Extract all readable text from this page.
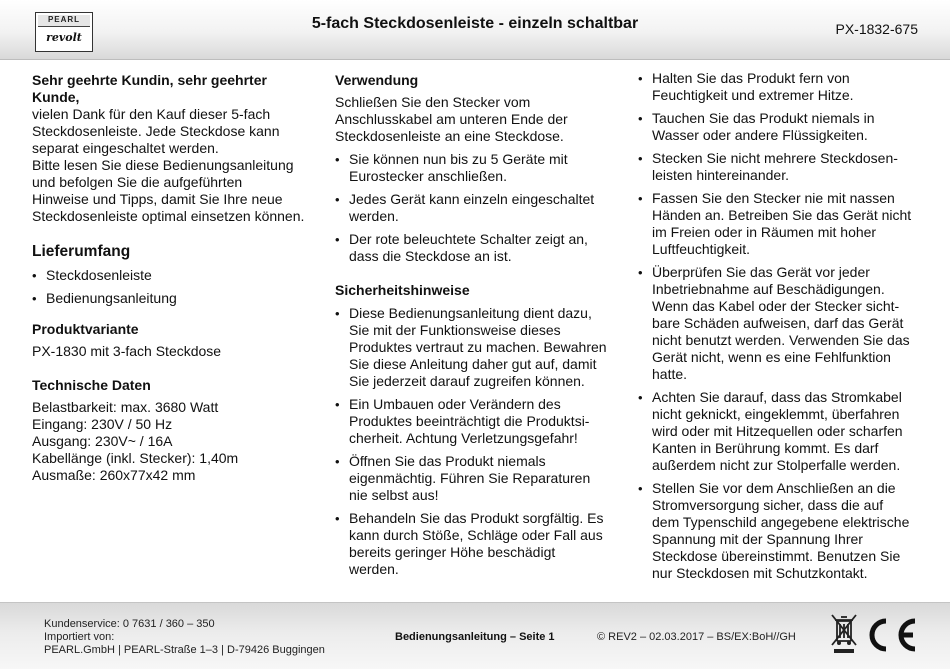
PEARL
revolt
5-fach Steckdosenleiste - einzeln schaltbar	PX-1832-675
Sehr geehrte Kundin, sehr geehrter
Kunde,

vielen Dank für den Kauf dieser 5-fach
Steckdosenleiste. Jede Steckdose kann
separat eingeschaltet werden.
Bitte lesen Sie diese Bedienungsanleitung
und befolgen Sie die aufgeführten
Hinweise und Tipps, damit Sie Ihre neue
Steckdosenleiste optimal einsetzen können.

Lieferumfang
• Steckdosenleiste
• Bedienungsanleitung
Produktvariante

PX-1830 mit 3-fach Steckdose

Technische Daten

Belastbarkeit: max. 3680 Watt
Eingang: 230V / 50 Hz
Ausgang: 230V~ / 16A
Kabellänge (inkl. Stecker): 1,40m
Ausmaße: 260x77x42 mm

Verwendung

Schließen Sie den Stecker vom
Anschlusskabel am unteren Ende der
Steckdosenleiste an eine Steckdose.

• Sie können nun bis zu 5 Geräte mit
Eurostecker anschließen.
• Jedes Gerät kann einzeln eingeschaltet
werden.
• Der rote beleuchtete Schalter zeigt an,
dass die Steckdose an ist.
Sicherheitshinweise
• Diese Bedienungsanleitung dient dazu,
Sie mit der Funktionsweise dieses
Produktes vertraut zu machen. Bewahren
Sie diese Anleitung daher gut auf, damit
Sie jederzeit darauf zugreifen können.
• Ein Umbauen oder Verändern des
Produktes beeinträchtigt die Produktsi-
cherheit. Achtung Verletzungsgefahr!
• Öffnen Sie das Produkt niemals
eigenmächtig. Führen Sie Reparaturen
nie selbst aus!
• Behandeln Sie das Produkt sorgfältig. Es
kann durch Stöße, Schläge oder Fall aus
bereits geringer Höhe beschädigt
werden.
• Halten Sie das Produkt fern von
Feuchtigkeit und extremer Hitze.
• Tauchen Sie das Produkt niemals in
Wasser oder andere Flüssigkeiten.
• Stecken Sie nicht mehrere Steckdosen-
leisten hintereinander.
• Fassen Sie den Stecker nie mit nassen
Händen an. Betreiben Sie das Gerät nicht
im Freien oder in Räumen mit hoher
Luftfeuchtigkeit.
• Überprüfen Sie das Gerät vor jeder
Inbetriebnahme auf Beschädigungen.
Wenn das Kabel oder der Stecker sicht-
bare Schäden aufweisen, darf das Gerät
nicht benutzt werden. Verwenden Sie das
Gerät nicht, wenn es eine Fehlfunktion
hatte.
• Achten Sie darauf, dass das Stromkabel
nicht geknickt, eingeklemmt, überfahren
wird oder mit Hitzequellen oder scharfen
Kanten in Berührung kommt. Es darf
außerdem nicht zur Stolperfalle werden.
• Stellen Sie vor dem Anschließen an die
Stromversorgung sicher, dass die auf
dem Typenschild angegebene elektrische
Spannung mit der Spannung Ihrer
Steckdose übereinstimmt. Benutzen Sie
nur Steckdosen mit Schutzkontakt.
Kundenservice: 0 7631 / 360 – 350
Importiert von:
PEARL.GmbH | PEARL-Straße 1–3 | D-79426 Buggingen
Bedienungsanleitung – Seite 1	© REV2 – 02.03.2017 – BS/EX:BoH//GH
